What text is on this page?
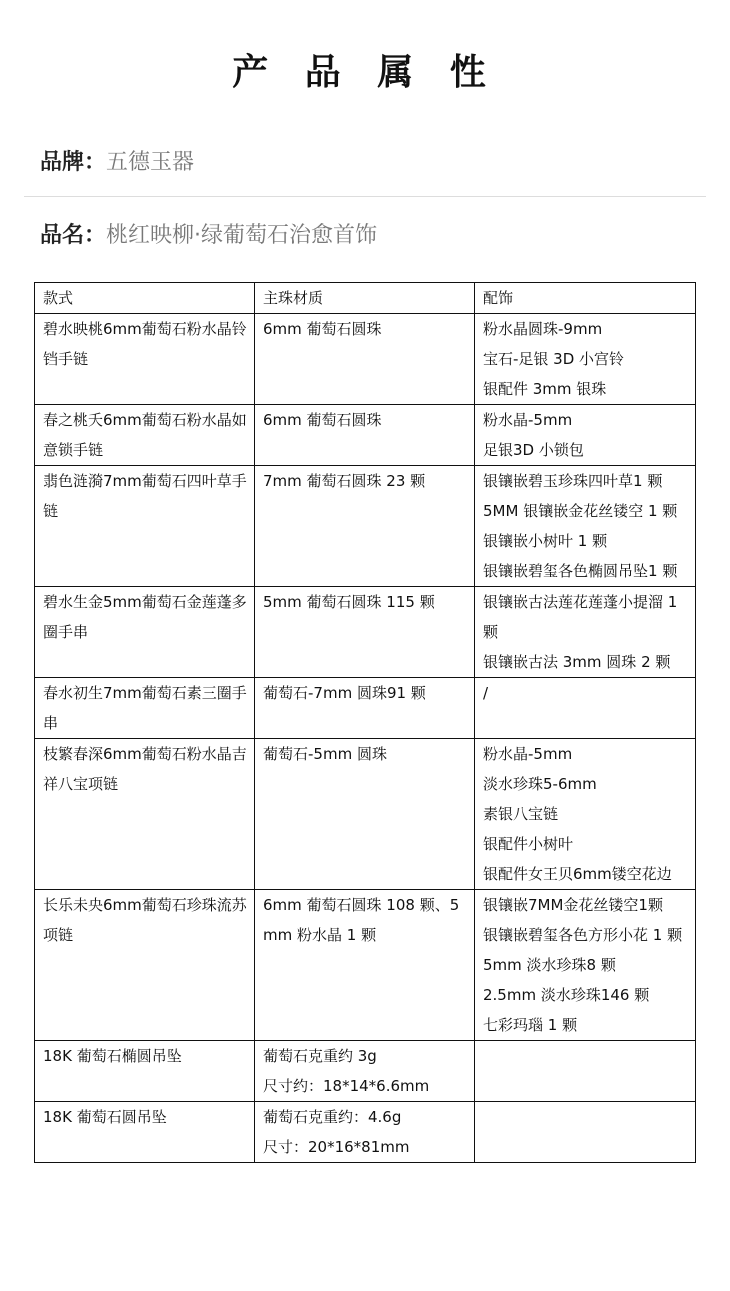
产 品 属 性
品牌：五德玉器
品名：桃红映柳·绿葡萄石治愈首饰
款式	主珠材质	配饰
碧水映桃6mm葡萄石粉水晶铃铛手链	6mm 葡萄石圆珠	粉水晶圆珠-9mm
宝石-足银 3D 小宫铃
银配件 3mm 银珠

春之桃夭6mm葡萄石粉水晶如意锁手链	6mm 葡萄石圆珠	粉水晶-5mm
足银3D 小锁包

翡色涟漪7mm葡萄石四叶草手链	7mm 葡萄石圆珠 23 颗	银镶嵌碧玉珍珠四叶草1 颗
5MM 银镶嵌金花丝镂空 1 颗
银镶嵌小树叶 1 颗
银镶嵌碧玺各色椭圆吊坠1 颗

碧水生金5mm葡萄石金莲蓬多圈手串	5mm 葡萄石圆珠 115 颗	银镶嵌古法莲花莲蓬小提溜 1 颗
银镶嵌古法 3mm 圆珠 2 颗

春水初生7mm葡萄石素三圈手串	葡萄石-7mm 圆珠91 颗	/

枝繁春深6mm葡萄石粉水晶吉祥八宝项链	葡萄石-5mm 圆珠	粉水晶-5mm
淡水珍珠5-6mm
素银八宝链
银配件小树叶
银配件女王贝6mm镂空花边

长乐未央6mm葡萄石珍珠流苏项链	6mm 葡萄石圆珠 108 颗、5mm 粉水晶 1 颗	银镶嵌7MM金花丝镂空1颗
银镶嵌碧玺各色方形小花 1 颗
5mm 淡水珍珠8 颗
2.5mm 淡水珍珠146 颗
七彩玛瑙 1 颗

18K 葡萄石椭圆吊坠	葡萄石克重约 3g
尺寸约：18*14*6.6mm	

18K 葡萄石圆吊坠	葡萄石克重约：4.6g
尺寸：20*16*81mm	
